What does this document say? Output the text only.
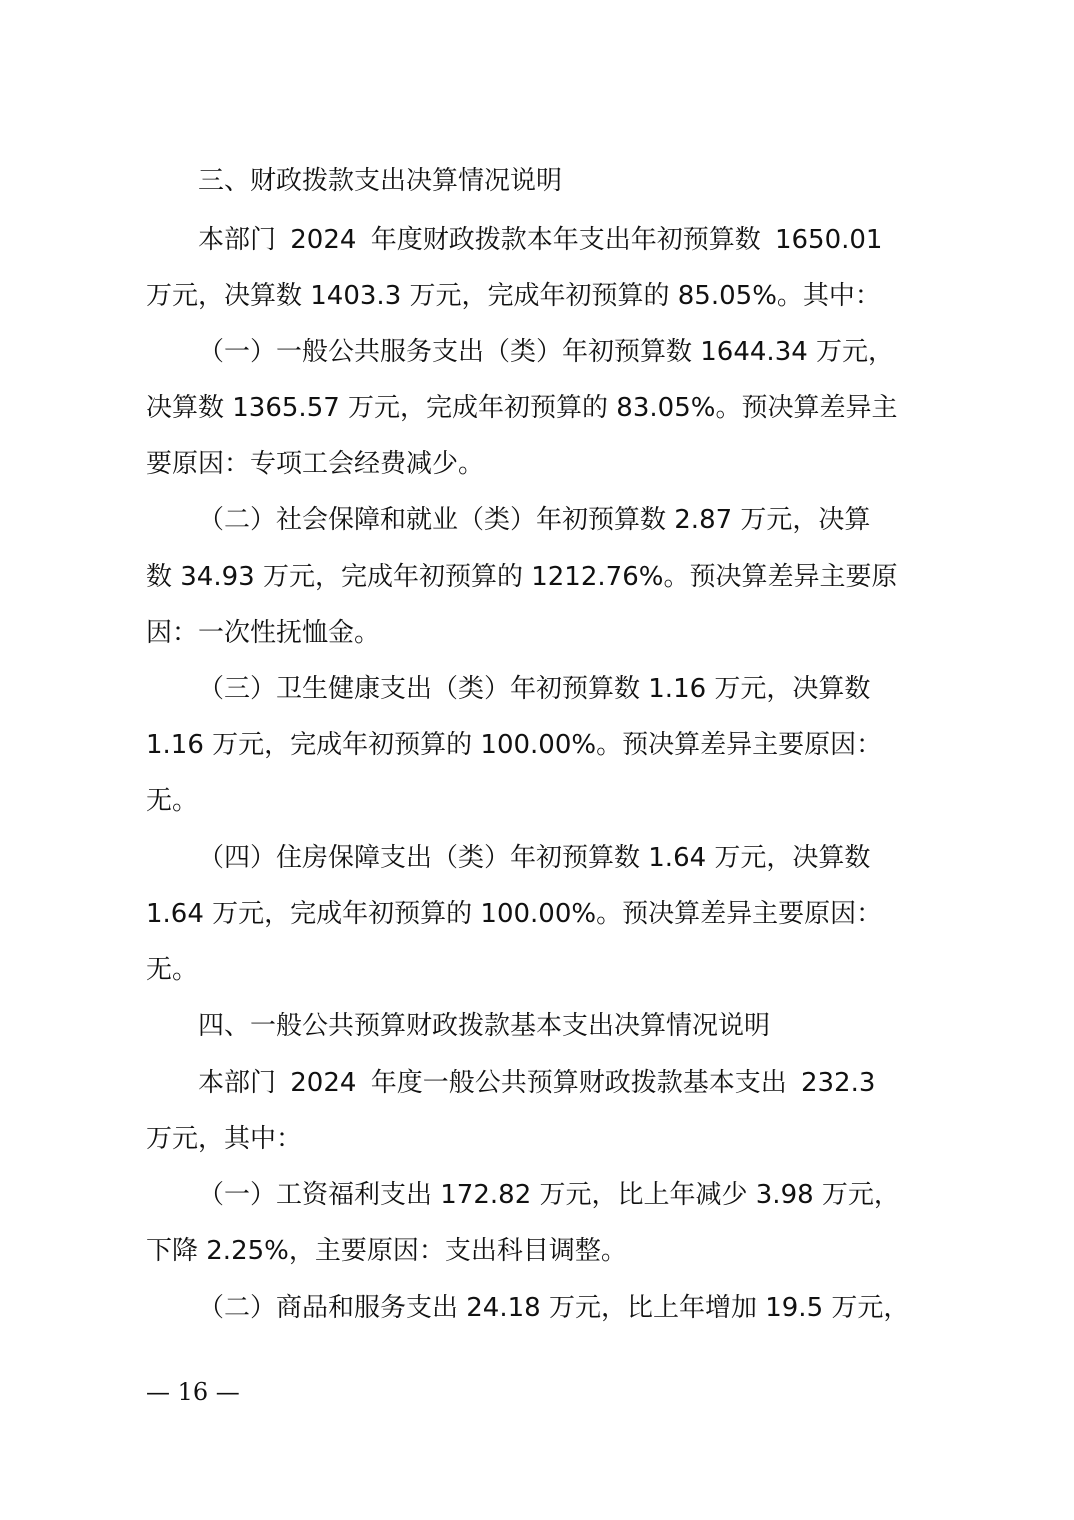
三、财政拨款支出决算情况说明
本部门 2024 年度财政拨款本年支出年初预算数 1650.01
万元，决算数 1403.3 万元，完成年初预算的 85.05%。其中：
（一）一般公共服务支出（类）年初预算数 1644.34 万元，
决算数 1365.57 万元，完成年初预算的 83.05%。预决算差异主
要原因：专项工会经费减少。
（二）社会保障和就业（类）年初预算数 2.87 万元，决算
数 34.93 万元，完成年初预算的 1212.76%。预决算差异主要原
因：一次性抚恤金。
（三）卫生健康支出（类）年初预算数 1.16 万元，决算数
1.16 万元，完成年初预算的 100.00%。预决算差异主要原因：
无。
（四）住房保障支出（类）年初预算数 1.64 万元，决算数
1.64 万元，完成年初预算的 100.00%。预决算差异主要原因：
无。
四、一般公共预算财政拨款基本支出决算情况说明
本部门 2024 年度一般公共预算财政拨款基本支出 232.3
万元，其中：
（一）工资福利支出 172.82 万元，比上年减少 3.98 万元，
下降 2.25%，主要原因：支出科目调整。
（二）商品和服务支出 24.18 万元，比上年增加 19.5 万元，
— 16 —
